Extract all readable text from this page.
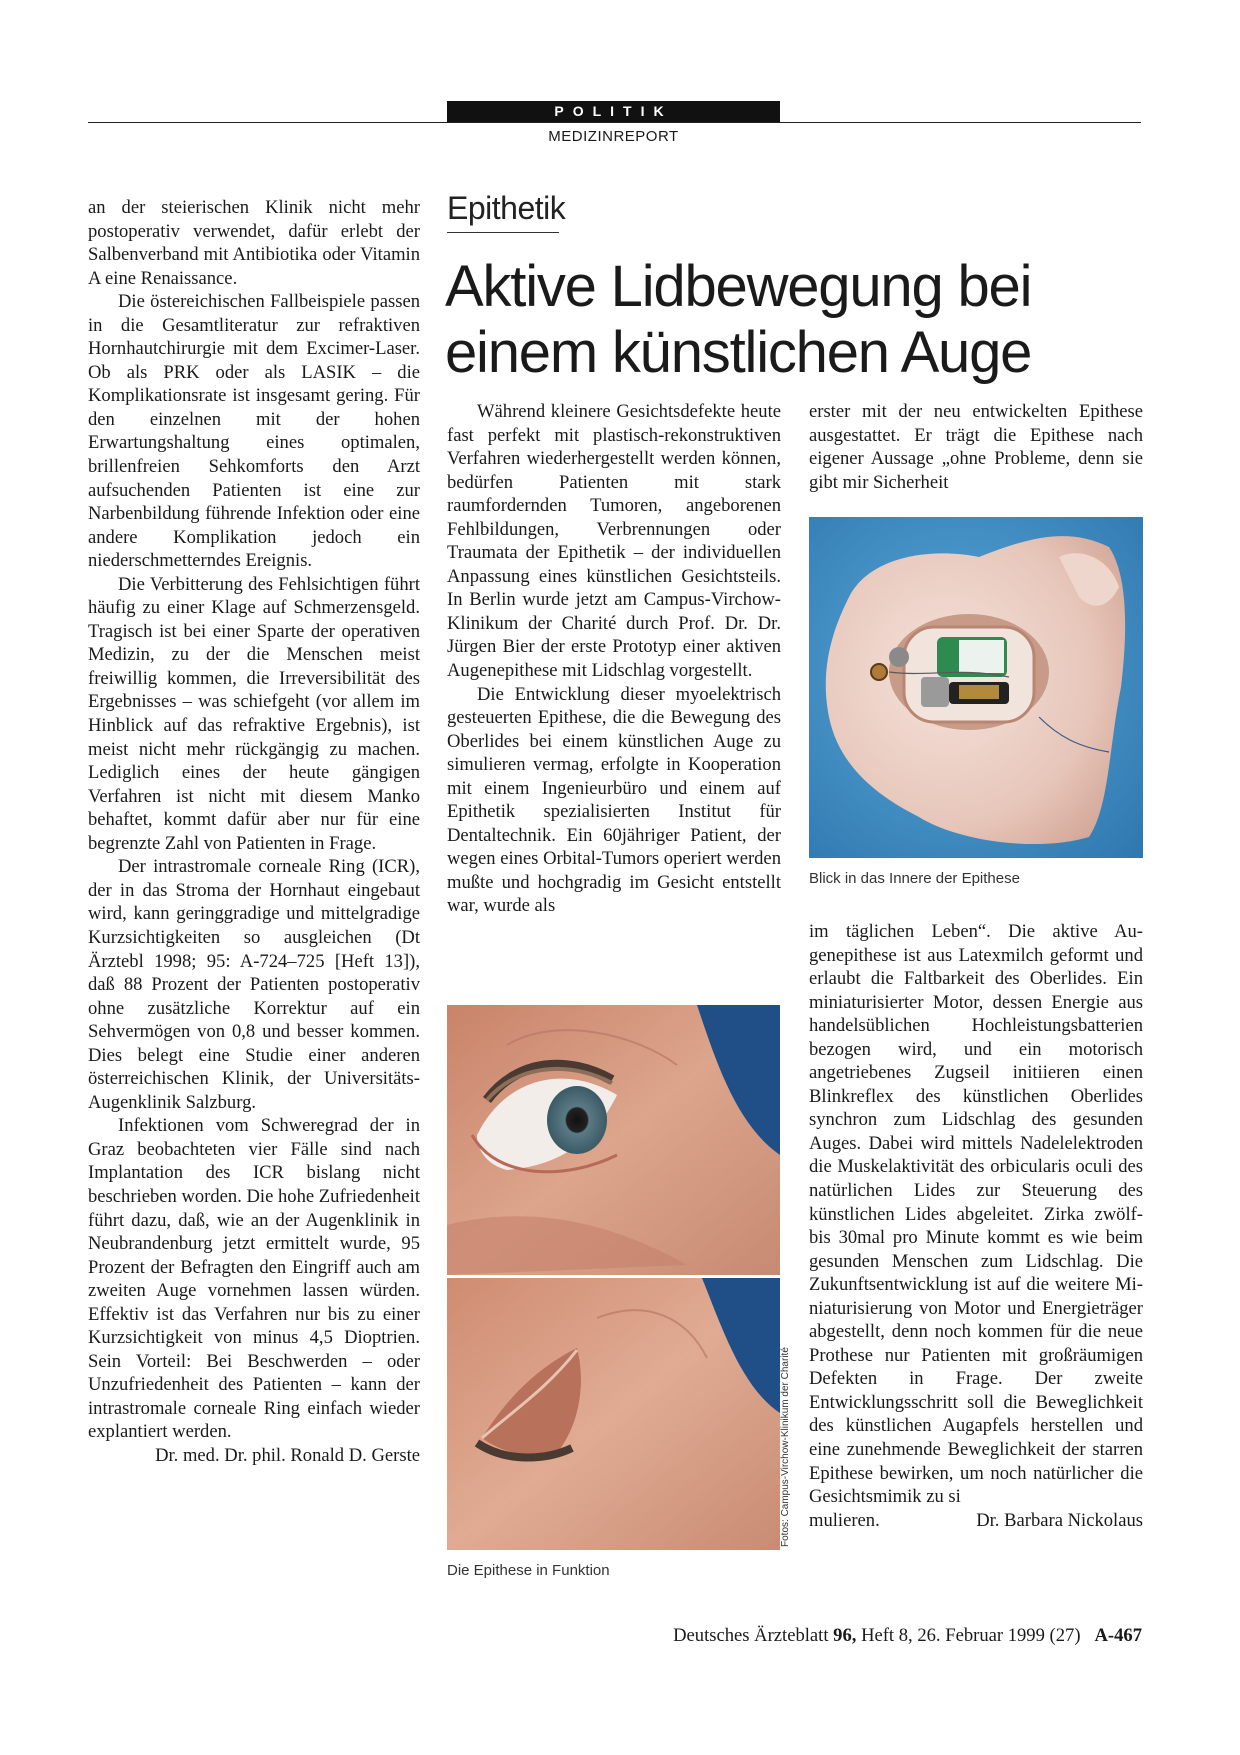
POLITIK
MEDIZINREPORT

an der steierischen Klinik nicht mehr postoperativ verwendet, dafür erlebt der Salbenverband mit Antibiotika oder Vitamin A eine Renaissance.

Die östereichischen Fallbeispiele passen in die Gesamtliteratur zur refraktiven Hornhautchirurgie mit dem Excimer-Laser. Ob als PRK oder als LASIK – die Komplikationsrate ist insgesamt gering. Für den einzelnen mit der hohen Erwartungshaltung eines optimalen, brillenfreien Sehkomforts den Arzt aufsuchenden Patienten ist eine zur Narbenbildung führende Infektion oder eine andere Komplikation jedoch ein niederschmetterndes Ereignis.

Die Verbitterung des Fehlsichtigen führt häufig zu einer Klage auf Schmerzensgeld. Tragisch ist bei einer Sparte der operativen Medizin, zu der die Menschen meist freiwillig kommen, die Irreversibilität des Ergebnisses – was schiefgeht (vor allem im Hinblick auf das refraktive Ergebnis), ist meist nicht mehr rückgängig zu machen. Lediglich eines der heute gängigen Verfahren ist nicht mit diesem Manko behaftet, kommt dafür aber nur für eine begrenzte Zahl von Patienten in Frage.

Der intrastromale corneale Ring (ICR), der in das Stroma der Hornhaut eingebaut wird, kann geringgradige und mittelgradige Kurzsichtigkeiten so ausgleichen (Dt Ärztebl 1998; 95: A-724–725 [Heft 13]), daß 88 Prozent der Patienten postoperativ ohne zusätzliche Korrektur auf ein Sehvermögen von 0,8 und besser kommen. Dies belegt eine Studie einer anderen österreichischen Klinik, der Universitäts-Augenklinik Salzburg.

Infektionen vom Schweregrad der in Graz beobachteten vier Fälle sind nach Implantation des ICR bislang nicht beschrieben worden. Die hohe Zufriedenheit führt dazu, daß, wie an der Augenklinik in Neubrandenburg jetzt ermittelt wurde, 95 Prozent der Befragten den Eingriff auch am zweiten Auge vornehmen lassen würden. Effektiv ist das Verfahren nur bis zu einer Kurzsichtigkeit von minus 4,5 Dioptrien. Sein Vorteil: Bei Beschwerden – oder Unzufriedenheit des Patienten – kann der intrastromale corneale Ring einfach wieder explantiert werden.

Dr. med. Dr. phil. Ronald D. Gerste

Epithetik

Aktive Lidbewegung bei

einem künstlichen Auge

Während kleinere Gesichtsdefekte heute fast perfekt mit plastisch-rekonstruktiven Verfahren wiederhergestellt werden können, bedürfen Patienten mit stark raumfordernden Tumoren, angeborenen Fehlbildungen, Verbrennungen oder Traumata der Epithetik – der individuellen Anpassung eines künstlichen Gesichtsteils. In Berlin wurde jetzt am Campus-Virchow-Klinikum der Charité durch Prof. Dr. Dr. Jürgen Bier der erste Prototyp einer aktiven Augenepithese mit Lidschlag vorgestellt.

Die Entwicklung dieser myoelektrisch gesteuerten Epithese, die die Bewegung des Oberlides bei einem künstlichen Auge zu simulieren vermag, erfolgte in Kooperation mit einem Ingenieurbüro und einem auf Epithetik spezialisierten Institut für Dentaltechnik. Ein 60jähriger Patient, der wegen eines Orbital-Tumors operiert werden mußte und hochgradig im Gesicht entstellt war, wurde als

erster mit der neu entwickelten Epithese ausgestattet. Er trägt die Epithese nach eigener Aussage „ohne Probleme, denn sie gibt mir Sicherheit

Blick in das Innere der Epithese

im täglichen Leben“. Die aktive Augenepithese ist aus Latexmilch geformt und erlaubt die Faltbarkeit des Oberlides. Ein miniaturisierter Motor, dessen Energie aus handelsüblichen Hochleistungsbatterien bezogen wird, und ein motorisch angetriebenes Zugseil initiieren einen Blinkreflex des künstlichen Oberlides synchron zum Lidschlag des gesunden Auges. Dabei wird mittels Nadelelektroden die Muskelaktivität des orbicularis oculi des natürlichen Lides zur Steuerung des künstlichen Lides abgeleitet. Zirka zwölf- bis 30mal pro Minute kommt es wie beim gesunden Menschen zum Lidschlag. Die Zukunftsentwicklung ist auf die weitere Miniaturisierung von Motor und Energieträger abgestellt, denn noch kommen für die neue Prothese nur Patienten mit großräumigen Defekten in Frage. Der zweite Entwicklungsschritt soll die Beweglichkeit des künstlichen Augapfels herstellen und eine zunehmende Beweglichkeit der starren Epithese bewirken, um noch natürlicher die Gesichtsmimik zu si

mulieren.	Dr. Barbara Nickolaus
Fotos: Campus-Virchow-Klinikum der Charité
Die Epithese in Funktion
Deutsches Ärzteblatt 96, Heft 8, 26. Februar 1999 (27) A-467
